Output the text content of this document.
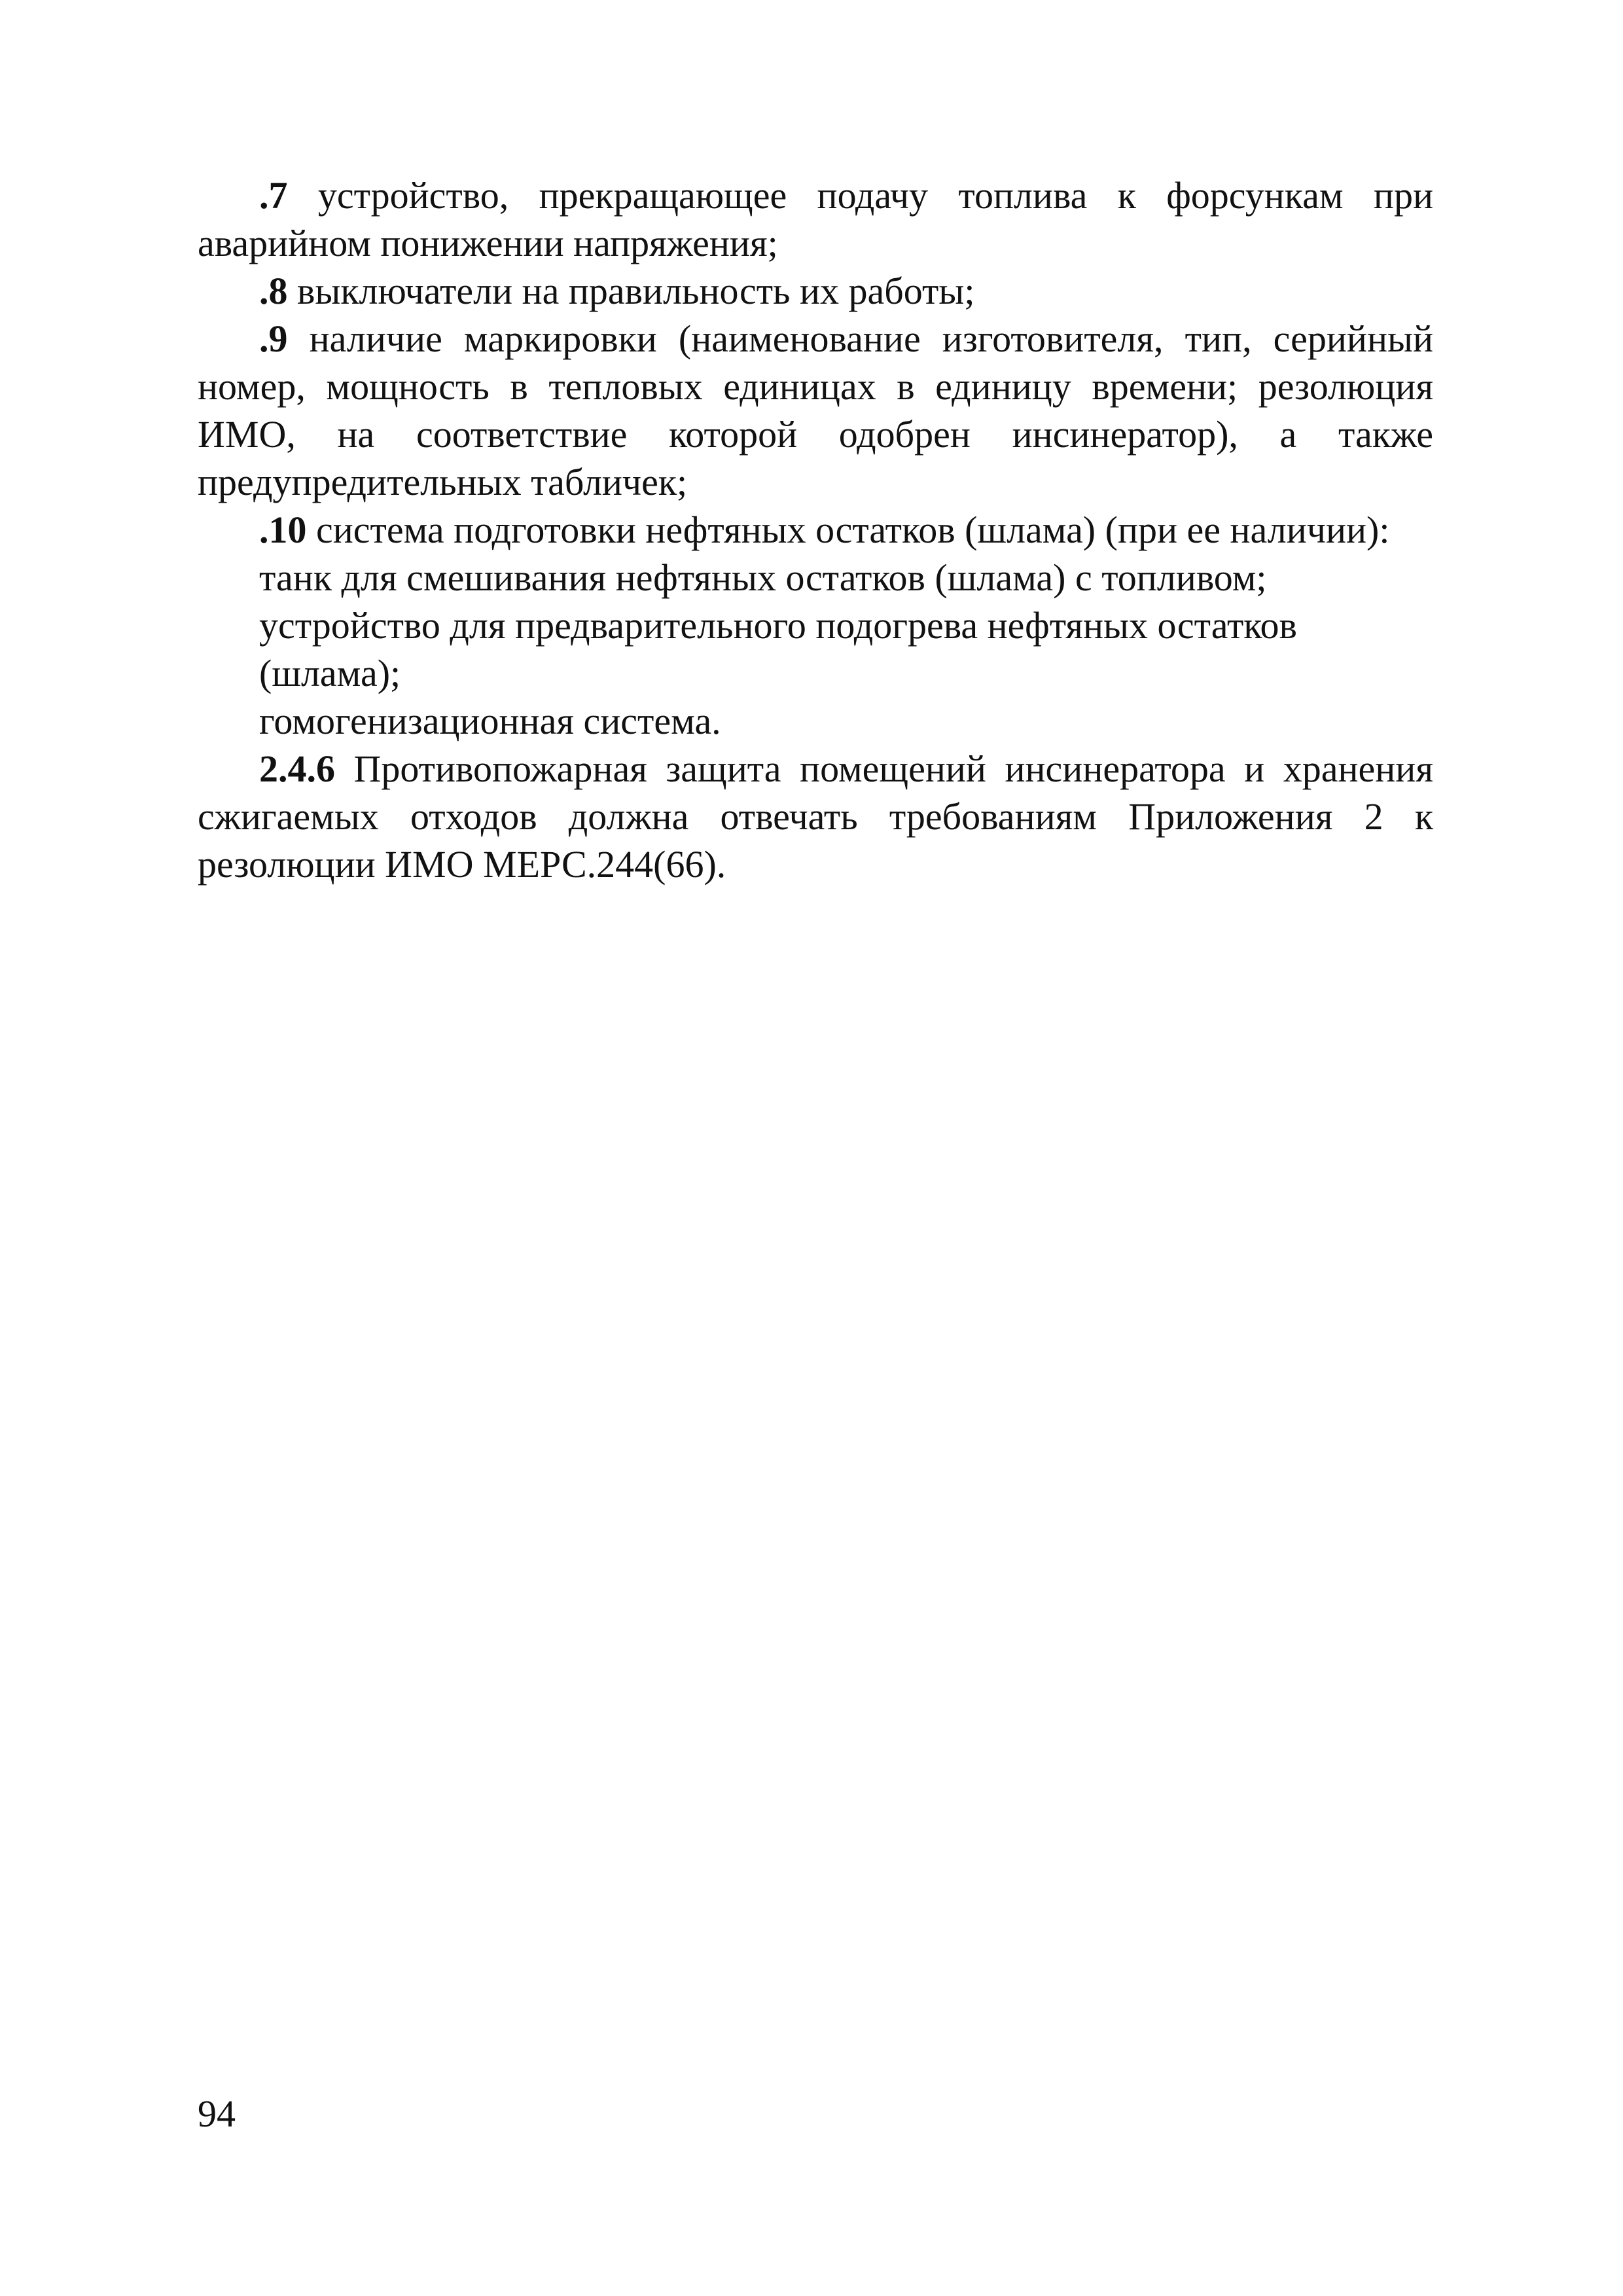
.7 устройство, прекращающее подачу топлива к форсункам при аварийном понижении напряжения;

.8 выключатели на правильность их работы;

.9 наличие маркировки (наименование изготовителя, тип, серийный номер, мощность в тепловых единицах в единицу времени; резолюция ИМО, на соответствие которой одобрен инсинератор), а также предупредительных табличек;

.10 система подготовки нефтяных остатков (шлама) (при ее наличии):

танк для смешивания нефтяных остатков (шлама) с топливом;

устройство для предварительного подогрева нефтяных остатков (шлама);

гомогенизационная система.

2.4.6 Противопожарная защита помещений инсинератора и хранения сжигаемых отходов должна отвечать требованиям Приложения 2 к резолюции ИМО МЕРС.244(66).

94
